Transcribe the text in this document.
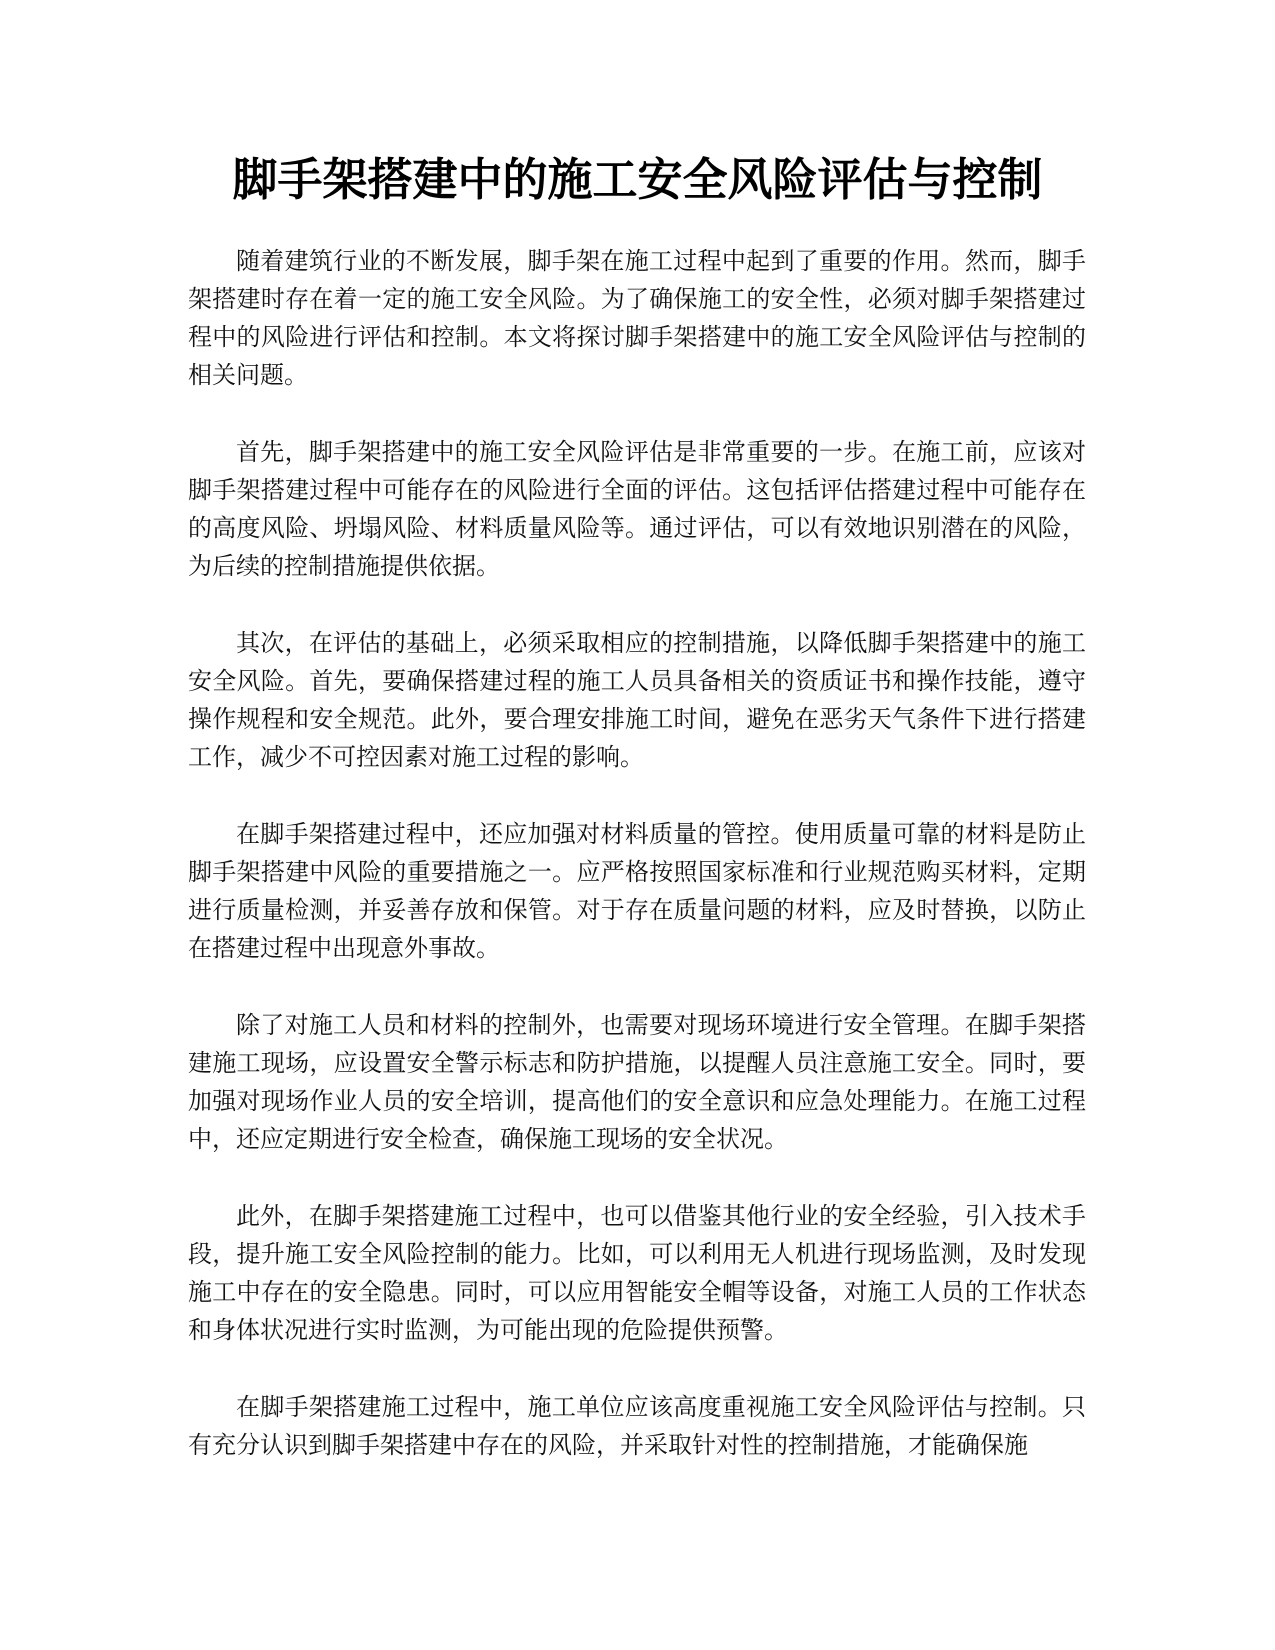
脚手架搭建中的施工安全风险评估与控制

随着建筑行业的不断发展，脚手架在施工过程中起到了重要的作用。然而，脚手架搭建时存在着一定的施工安全风险。为了确保施工的安全性，必须对脚手架搭建过程中的风险进行评估和控制。本文将探讨脚手架搭建中的施工安全风险评估与控制的相关问题。

首先，脚手架搭建中的施工安全风险评估是非常重要的一步。在施工前，应该对脚手架搭建过程中可能存在的风险进行全面的评估。这包括评估搭建过程中可能存在的高度风险、坍塌风险、材料质量风险等。通过评估，可以有效地识别潜在的风险，为后续的控制措施提供依据。

其次，在评估的基础上，必须采取相应的控制措施，以降低脚手架搭建中的施工安全风险。首先，要确保搭建过程的施工人员具备相关的资质证书和操作技能，遵守操作规程和安全规范。此外，要合理安排施工时间，避免在恶劣天气条件下进行搭建工作，减少不可控因素对施工过程的影响。

在脚手架搭建过程中，还应加强对材料质量的管控。使用质量可靠的材料是防止脚手架搭建中风险的重要措施之一。应严格按照国家标准和行业规范购买材料，定期进行质量检测，并妥善存放和保管。对于存在质量问题的材料，应及时替换，以防止在搭建过程中出现意外事故。

除了对施工人员和材料的控制外，也需要对现场环境进行安全管理。在脚手架搭建施工现场，应设置安全警示标志和防护措施，以提醒人员注意施工安全。同时，要加强对现场作业人员的安全培训，提高他们的安全意识和应急处理能力。在施工过程中，还应定期进行安全检查，确保施工现场的安全状况。

此外，在脚手架搭建施工过程中，也可以借鉴其他行业的安全经验，引入技术手段，提升施工安全风险控制的能力。比如，可以利用无人机进行现场监测，及时发现施工中存在的安全隐患。同时，可以应用智能安全帽等设备，对施工人员的工作状态和身体状况进行实时监测，为可能出现的危险提供预警。

在脚手架搭建施工过程中，施工单位应该高度重视施工安全风险评估与控制。只有充分认识到脚手架搭建中存在的风险，并采取针对性的控制措施，才能确保施
